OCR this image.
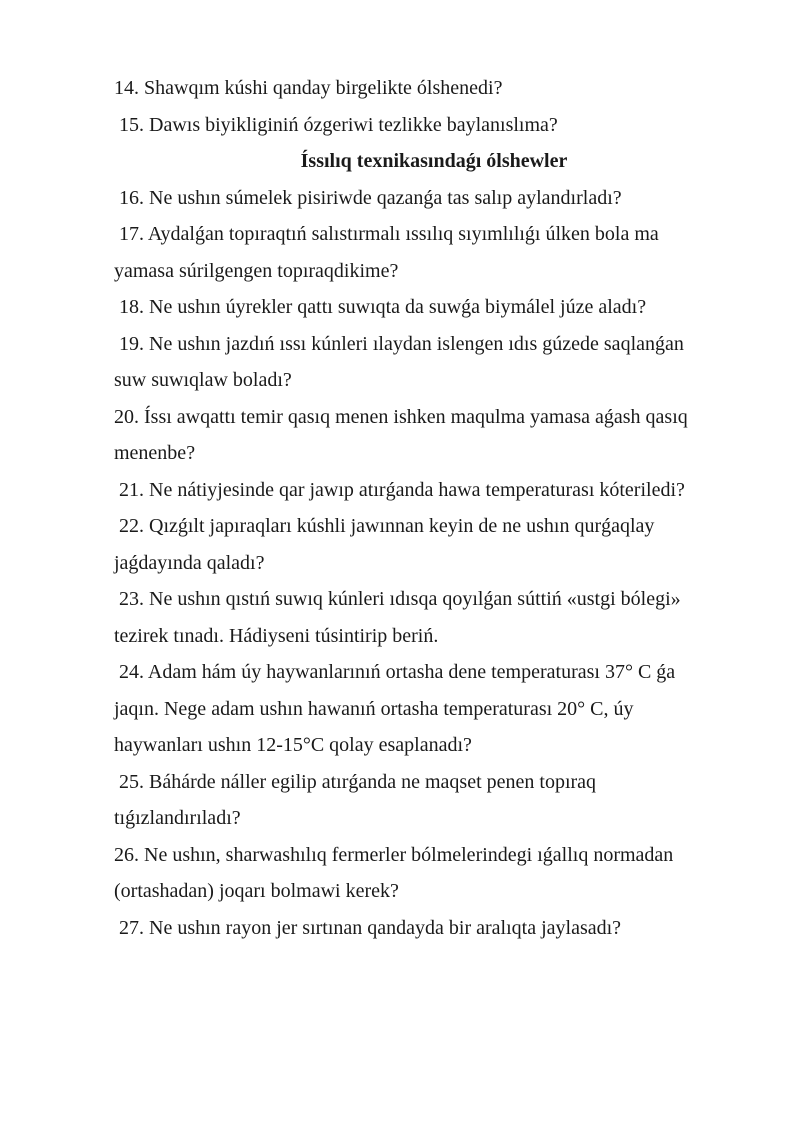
14. Shawqım kúshi qanday birgelikte ólshenedi?
15. Dawıs biyikliginiń ózgeriwi tezlikke baylanıslıma?
Íssılıq texnikasındaǵı ólshewler
16. Ne ushın súmelek pisiriwde qazanǵa tas salıp aylandırladı?
17. Aydalǵan topıraqtıń salıstırmalı ıssılıq sıyımlılıǵı úlken bola ma
yamasa súrilgengen topıraqdikime?
18. Ne ushın úyrekler qattı suwıqta da suwǵa biymálel júze aladı?
19. Ne ushın jazdıń ıssı kúnleri ılaydan islengen ıdıs gúzede saqlanǵan
suw suwıqlaw boladı?
20. Íssı awqattı temir qasıq menen ishken maqulma yamasa aǵash qasıq
menenbe?
21. Ne nátiyjesinde qar jawıp atırǵanda hawa temperaturası kóteriledi?
22. Qızǵılt japıraqları kúshli jawınnan keyin de ne ushın qurǵaqlay
jaǵdayında qaladı?
23. Ne ushın qıstıń suwıq kúnleri ıdısqa qoyılǵan súttiń «ustgi bólegi»
tezirek tınadı. Hádiyseni túsintirip beriń.
24. Adam hám úy haywanlarınıń ortasha dene temperaturası 37° C ǵa
jaqın. Nege adam ushın hawanıń ortasha temperaturası 20° C, úy
haywanları ushın 12-15°C qolay esaplanadı?
25. Báhárde náller egilip atırǵanda ne maqset penen topıraq
tıǵızlandırıladı?
26. Ne ushın, sharwashılıq fermerler bólmelerindegi ıǵallıq normadan
(ortashadan) joqarı bolmawi kerek?
27. Ne ushın rayon jer sırtınan qandayda bir aralıqta jaylasadı?
